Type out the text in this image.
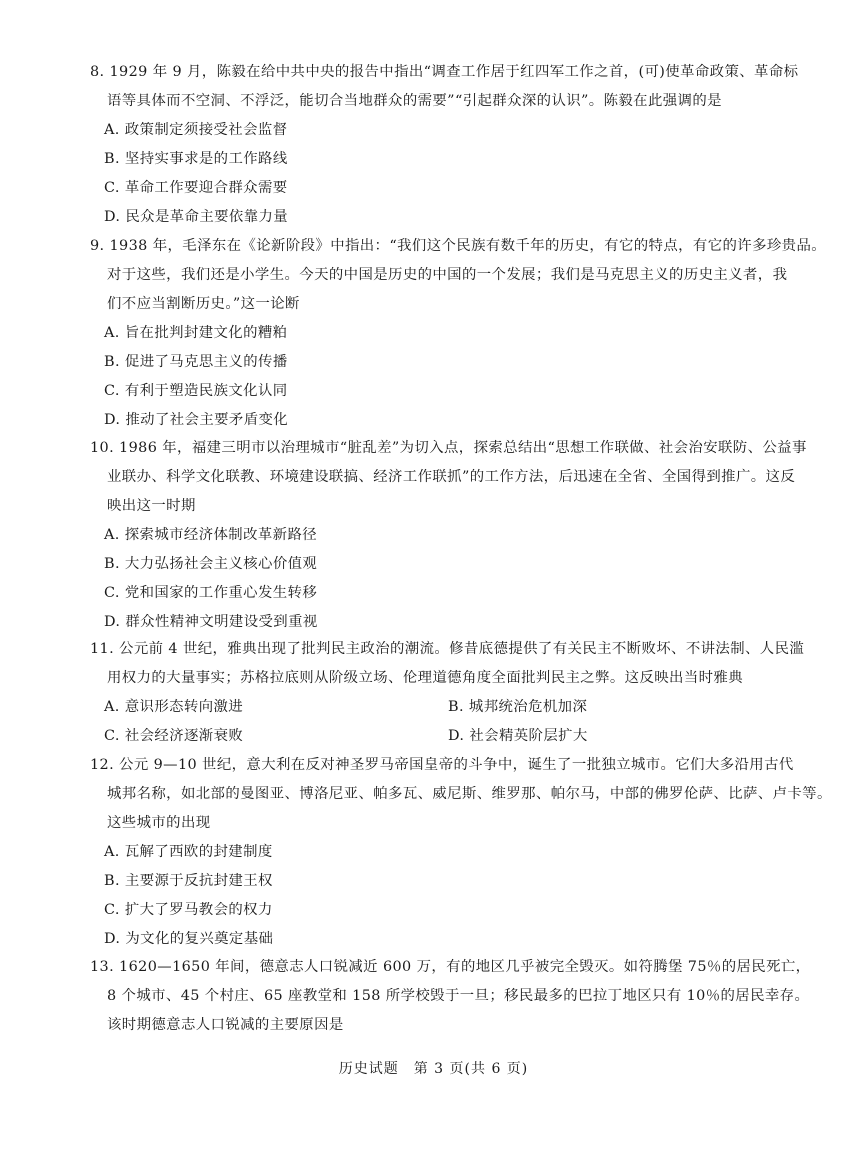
8. 1929 年 9 月，陈毅在给中共中央的报告中指出“调查工作居于红四军工作之首，(可)使革命政策、革命标
语等具体而不空洞、不浮泛，能切合当地群众的需要”“引起群众深的认识”。陈毅在此强调的是
A. 政策制定须接受社会监督
B. 坚持实事求是的工作路线
C. 革命工作要迎合群众需要
D. 民众是革命主要依靠力量
9. 1938 年，毛泽东在《论新阶段》中指出：“我们这个民族有数千年的历史，有它的特点，有它的许多珍贵品。
对于这些，我们还是小学生。今天的中国是历史的中国的一个发展；我们是马克思主义的历史主义者，我
们不应当割断历史。”这一论断
A. 旨在批判封建文化的糟粕
B. 促进了马克思主义的传播
C. 有利于塑造民族文化认同
D. 推动了社会主要矛盾变化
10. 1986 年，福建三明市以治理城市“脏乱差”为切入点，探索总结出“思想工作联做、社会治安联防、公益事
业联办、科学文化联教、环境建设联搞、经济工作联抓”的工作方法，后迅速在全省、全国得到推广。这反
映出这一时期
A. 探索城市经济体制改革新路径
B. 大力弘扬社会主义核心价值观
C. 党和国家的工作重心发生转移
D. 群众性精神文明建设受到重视
11. 公元前 4 世纪，雅典出现了批判民主政治的潮流。修昔底德提供了有关民主不断败坏、不讲法制、人民滥
用权力的大量事实；苏格拉底则从阶级立场、伦理道德角度全面批判民主之弊。这反映出当时雅典
A. 意识形态转向激进	B. 城邦统治危机加深
C. 社会经济逐渐衰败	D. 社会精英阶层扩大
12. 公元 9—10 世纪，意大利在反对神圣罗马帝国皇帝的斗争中，诞生了一批独立城市。它们大多沿用古代
城邦名称，如北部的曼图亚、博洛尼亚、帕多瓦、威尼斯、维罗那、帕尔马，中部的佛罗伦萨、比萨、卢卡等。
这些城市的出现
A. 瓦解了西欧的封建制度
B. 主要源于反抗封建王权
C. 扩大了罗马教会的权力
D. 为文化的复兴奠定基础
13. 1620—1650 年间，德意志人口锐减近 600 万，有的地区几乎被完全毁灭。如符腾堡 75％的居民死亡，
8 个城市、45 个村庄、65 座教堂和 158 所学校毁于一旦；移民最多的巴拉丁地区只有 10％的居民幸存。
该时期德意志人口锐减的主要原因是
历史试题　第 3 页(共 6 页)
